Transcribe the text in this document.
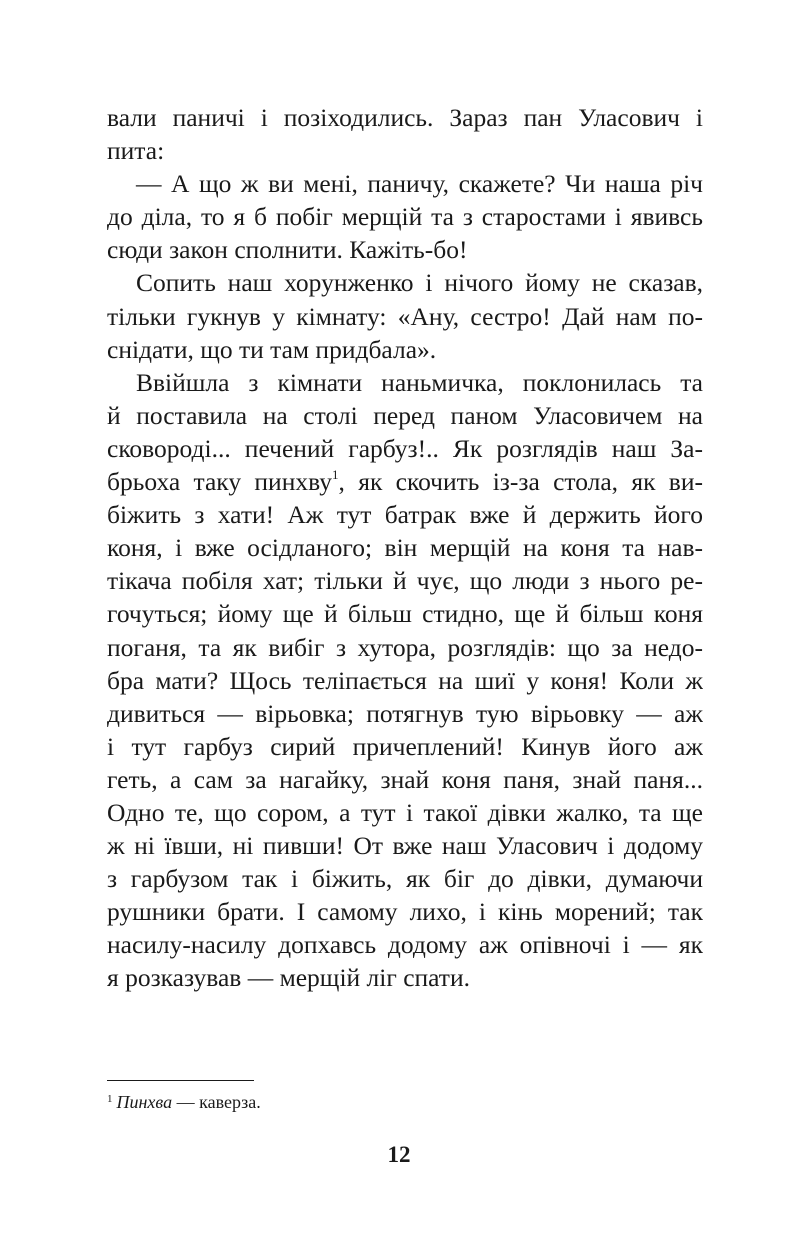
вали паничі і позіходились. Зараз пан Уласович і
пита:
— А що ж ви мені, паничу, скажете? Чи наша річ
до діла, то я б побіг мерщій та з старостами і явивсь
сюди закон сполнити. Кажіть-бо!
Сопить наш хорунженко і нічого йому не сказав,
тільки гукнув у кімнату: «Ану, сестро! Дай нам по-
снідати, що ти там придбала».
Ввійшла з кімнати наньмичка, поклонилась та
й поставила на столі перед паном Уласовичем на
сковороді... печений гарбуз!.. Як розглядів наш За-
брьоха таку пинхву$^1$, як скочить із-за стола, як ви-
біжить з хати! Аж тут батрак вже й держить його
коня, і вже осідланого; він мерщій на коня та нав-
тікача побіля хат; тільки й чує, що люди з нього ре-
гочуться; йому ще й більш стидно, ще й більш коня
поганя, та як вибіг з хутора, розглядів: що за недо-
бра мати? Щось теліпається на шиї у коня! Коли ж
дивиться — вірьовка; потягнув тую вірьовку — аж
і тут гарбуз сирий причеплений! Кинув його аж
геть, а сам за нагайку, знай коня паня, знай паня...
Одно те, що сором, а тут і такої дівки жалко, та ще
ж ні ївши, ні пивши! От вже наш Уласович і додому
з гарбузом так і біжить, як біг до дівки, думаючи
рушники брати. І самому лихо, і кінь морений; так
насилу-насилу допхавсь додому аж опівночі і — як
я розказував — мерщій ліг спати.
$^1$ Пинхва — каверза.
12
